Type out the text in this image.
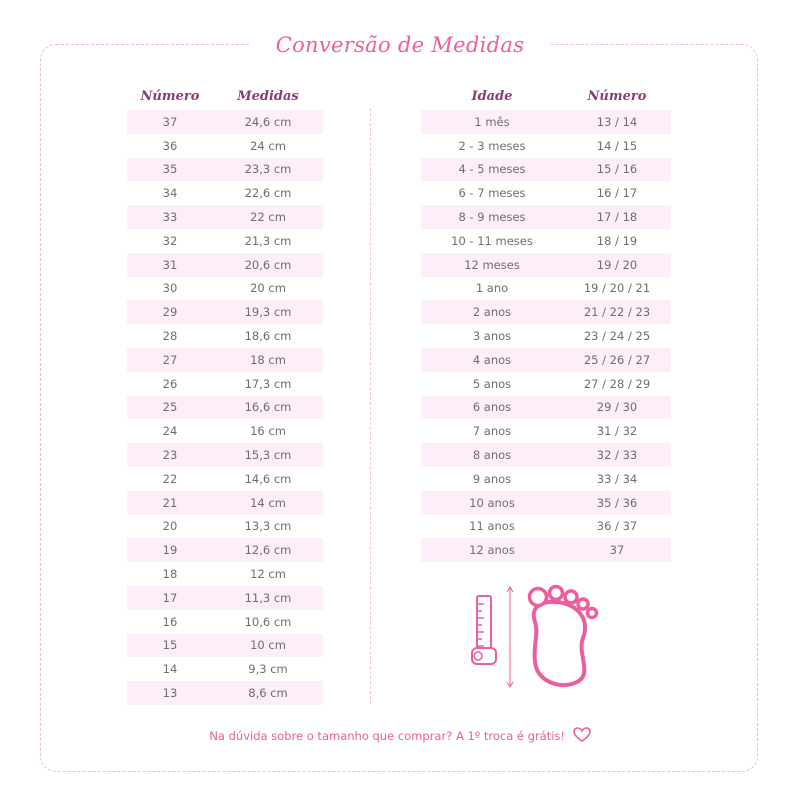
Conversão de Medidas
Número	Medidas
37	24,6 cm
36	24 cm
35	23,3 cm
34	22,6 cm
33	22 cm
32	21,3 cm
31	20,6 cm
30	20 cm
29	19,3 cm
28	18,6 cm
27	18 cm
26	17,3 cm
25	16,6 cm
24	16 cm
23	15,3 cm
22	14,6 cm
21	14 cm
20	13,3 cm
19	12,6 cm
18	12 cm
17	11,3 cm
16	10,6 cm
15	10 cm
14	9,3 cm
13	8,6 cm
Idade	Número
1 mês	13 / 14
2 - 3 meses	14 / 15
4 - 5 meses	15 / 16
6 - 7 meses	16 / 17
8 - 9 meses	17 / 18
10 - 11 meses	18 / 19
12 meses	19 / 20
1 ano	19 / 20 / 21
2 anos	21 / 22 / 23
3 anos	23 / 24 / 25
4 anos	25 / 26 / 27
5 anos	27 / 28 / 29
6 anos	29 / 30
7 anos	31 / 32
8 anos	32 / 33
9 anos	33 / 34
10 anos	35 / 36
11 anos	36 / 37
12 anos	37
Na dúvida sobre o tamanho que comprar? A 1º troca é grátis!
